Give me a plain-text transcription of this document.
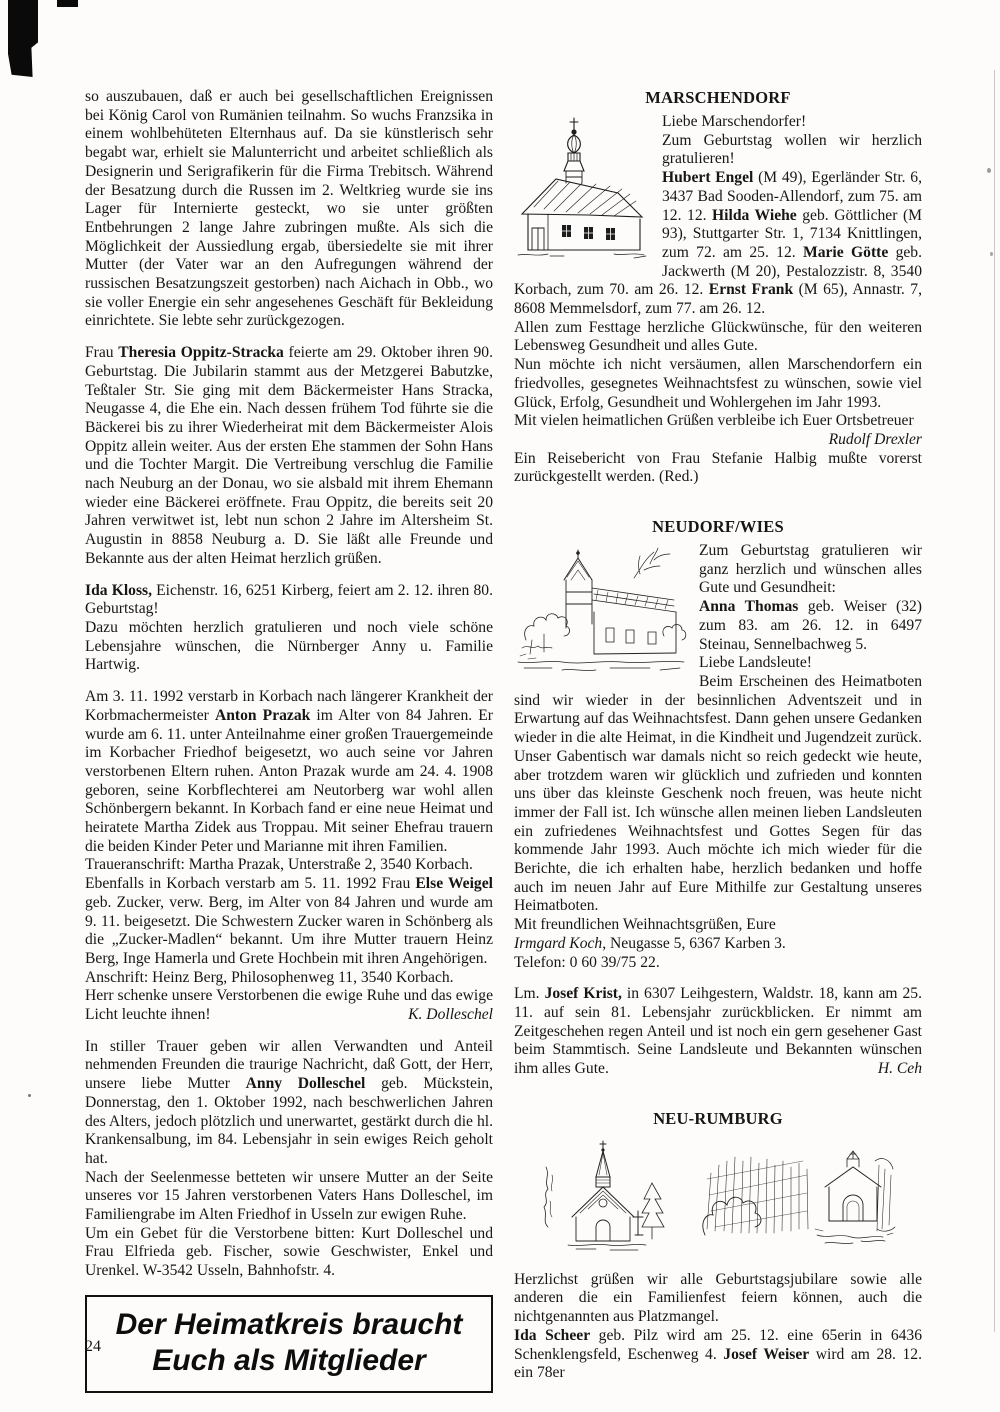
so auszubauen, daß er auch bei gesellschaftlichen Ereignissen bei König Carol von Rumänien teilnahm. So wuchs Franzsika in einem wohlbehüteten Elternhaus auf. Da sie künstlerisch sehr begabt war, erhielt sie Malunterricht und arbeitet schließlich als Designerin und Serigrafikerin für die Firma Trebitsch. Während der Besatzung durch die Russen im 2. Weltkrieg wurde sie ins Lager für Internierte gesteckt, wo sie unter größten Entbehrungen 2 lange Jahre zubringen mußte. Als sich die Möglichkeit der Aussiedlung ergab, übersiedelte sie mit ihrer Mutter (der Vater war an den Aufregungen während der russischen Besatzungszeit gestorben) nach Aichach in Obb., wo sie voller Energie ein sehr angesehenes Geschäft für Bekleidung einrichtete. Sie lebte sehr zurückgezogen.

Frau Theresia Oppitz-Stracka feierte am 29. Oktober ihren 90. Geburtstag. Die Jubilarin stammt aus der Metzgerei Babutzke, Teßtaler Str. Sie ging mit dem Bäckermeister Hans Stracka, Neugasse 4, die Ehe ein. Nach dessen frühem Tod führte sie die Bäckerei bis zu ihrer Wiederheirat mit dem Bäckermeister Alois Oppitz allein weiter. Aus der ersten Ehe stammen der Sohn Hans und die Tochter Margit. Die Vertreibung verschlug die Familie nach Neuburg an der Donau, wo sie alsbald mit ihrem Ehemann wieder eine Bäckerei eröffnete. Frau Oppitz, die bereits seit 20 Jahren verwitwet ist, lebt nun schon 2 Jahre im Altersheim St. Augustin in 8858 Neuburg a. D. Sie läßt alle Freunde und Bekannte aus der alten Heimat herzlich grüßen.

Ida Kloss, Eichenstr. 16, 6251 Kirberg, feiert am 2. 12. ihren 80. Geburtstag!
Dazu möchten herzlich gratulieren und noch viele schöne Lebensjahre wünschen, die Nürnberger Anny u. Familie Hartwig.

Am 3. 11. 1992 verstarb in Korbach nach längerer Krankheit der Korbmachermeister Anton Prazak im Alter von 84 Jahren. Er wurde am 6. 11. unter Anteilnahme einer großen Trauergemeinde im Korbacher Friedhof beigesetzt, wo auch seine vor Jahren verstorbenen Eltern ruhen. Anton Prazak wurde am 24. 4. 1908 geboren, seine Korbflechterei am Neutorberg war wohl allen Schönbergern bekannt. In Korbach fand er eine neue Heimat und heiratete Martha Zidek aus Troppau. Mit seiner Ehefrau trauern die beiden Kinder Peter und Marianne mit ihren Familien.
Traueranschrift: Martha Prazak, Unterstraße 2, 3540 Korbach.
Ebenfalls in Korbach verstarb am 5. 11. 1992 Frau Else Weigel geb. Zucker, verw. Berg, im Alter von 84 Jahren und wurde am 9. 11. beigesetzt. Die Schwestern Zucker waren in Schönberg als die „Zucker-Madlen“ bekannt. Um ihre Mutter trauern Heinz Berg, Inge Hamerla und Grete Hochbein mit ihren Angehörigen.
Anschrift: Heinz Berg, Philosophenweg 11, 3540 Korbach.
Herr schenke unsere Verstorbenen die ewige Ruhe und das ewige Licht leuchte ihnen!	K. Dolleschel

In stiller Trauer geben wir allen Verwandten und Anteil nehmenden Freunden die traurige Nachricht, daß Gott, der Herr, unsere liebe Mutter Anny Dolleschel geb. Mückstein, Donnerstag, den 1. Oktober 1992, nach beschwerlichen Jahren des Alters, jedoch plötzlich und unerwartet, gestärkt durch die hl. Krankensalbung, im 84. Lebensjahr in sein ewiges Reich geholt hat.
Nach der Seelenmesse betteten wir unsere Mutter an der Seite unseres vor 15 Jahren verstorbenen Vaters Hans Dolleschel, im Familiengrabe im Alten Friedhof in Usseln zur ewigen Ruhe.
Um ein Gebet für die Verstorbene bitten: Kurt Dolleschel und Frau Elfrieda geb. Fischer, sowie Geschwister, Enkel und Urenkel. W-3542 Usseln, Bahnhofstr. 4.

Der Heimatkreis braucht
Euch als Mitglieder
MARSCHENDORF

Liebe Marschendorfer!
Zum Geburtstag wollen wir herzlich gratulieren!
Hubert Engel (M 49), Egerländer Str. 6, 3437 Bad Sooden-Allendorf, zum 75. am 12. 12. Hilda Wiehe geb. Göttlicher (M 93), Stuttgarter Str. 1, 7134 Knittlingen, zum 72. am 25. 12. Marie Götte geb. Jackwerth (M 20), Pestalozzistr. 8, 3540 Korbach, zum 70. am 26. 12. Ernst Frank (M 65), Annastr. 7, 8608 Memmelsdorf, zum 77. am 26. 12.
Allen zum Festtage herzliche Glückwünsche, für den weiteren Lebensweg Gesundheit und alles Gute.
Nun möchte ich nicht versäumen, allen Marschendorfern ein friedvolles, gesegnetes Weihnachtsfest zu wünschen, sowie viel Glück, Erfolg, Gesundheit und Wohlergehen im Jahr 1993.
Mit vielen heimatlichen Grüßen verbleibe ich Euer Ortsbetreuer
Rudolf Drexler

Ein Reisebericht von Frau Stefanie Halbig mußte vorerst zurückgestellt werden. (Red.)

NEUDORF/WIES

Zum Geburtstag gratulieren wir ganz herzlich und wünschen alles Gute und Gesundheit:
Anna Thomas geb. Weiser (32) zum 83. am 26. 12. in 6497 Steinau, Sennelbachweg 5.
Liebe Landsleute!
Beim Erscheinen des Heimatboten sind wir wieder in der besinnlichen Adventszeit und in Erwartung auf das Weihnachtsfest. Dann gehen unsere Gedanken wieder in die alte Heimat, in die Kindheit und Jugendzeit zurück. Unser Gabentisch war damals nicht so reich gedeckt wie heute, aber trotzdem waren wir glücklich und zufrieden und konnten uns über das kleinste Geschenk noch freuen, was heute nicht immer der Fall ist. Ich wünsche allen meinen lieben Landsleuten ein zufriedenes Weihnachtsfest und Gottes Segen für das kommende Jahr 1993. Auch möchte ich mich wieder für die Berichte, die ich erhalten habe, herzlich bedanken und hoffe auch im neuen Jahr auf Eure Mithilfe zur Gestaltung unseres Heimatboten.
Mit freundlichen Weihnachtsgrüßen, Eure
Irmgard Koch, Neugasse 5, 6367 Karben 3.
Telefon: 0 60 39/75 22.

Lm. Josef Krist, in 6307 Leihgestern, Waldstr. 18, kann am 25. 11. auf sein 81. Lebensjahr zurückblicken. Er nimmt am Zeitgeschehen regen Anteil und ist noch ein gern gesehener Gast beim Stammtisch. Seine Landsleute und Bekannten wünschen ihm alles Gute.	H. Ceh

NEU-RUMBURG

Herzlichst grüßen wir alle Geburtstagsjubilare sowie alle anderen die ein Familienfest feiern können, auch die nichtgenannten aus Platzmangel.
Ida Scheer geb. Pilz wird am 25. 12. eine 65erin in 6436 Schenklengsfeld, Eschenweg 4. Josef Weiser wird am 28. 12. ein 78er

24
